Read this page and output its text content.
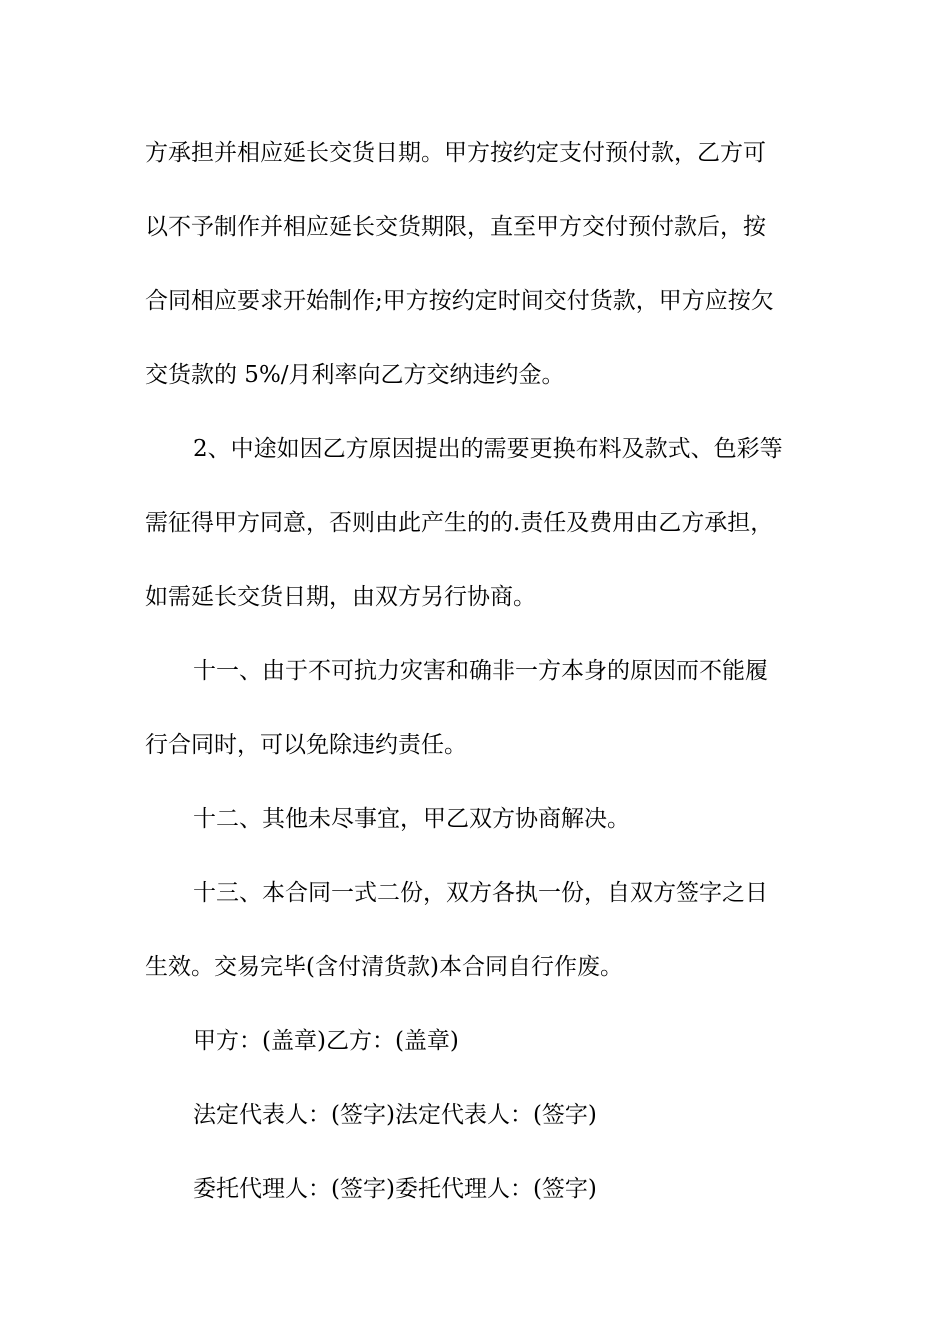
方承担并相应延长交货日期。甲方按约定支付预付款，乙方可
以不予制作并相应延长交货期限，直至甲方交付预付款后，按
合同相应要求开始制作;甲方按约定时间交付货款，甲方应按欠
交货款的 5%/月利率向乙方交纳违约金。
2、中途如因乙方原因提出的需要更换布料及款式、色彩等
需征得甲方同意，否则由此产生的的.责任及费用由乙方承担，
如需延长交货日期，由双方另行协商。
十一、由于不可抗力灾害和确非一方本身的原因而不能履
行合同时，可以免除违约责任。
十二、其他未尽事宜，甲乙双方协商解决。
十三、本合同一式二份，双方各执一份，自双方签字之日
生效。交易完毕(含付清货款)本合同自行作废。
甲方：(盖章)乙方：(盖章)
法定代表人：(签字)法定代表人：(签字)
委托代理人：(签字)委托代理人：(签字)
